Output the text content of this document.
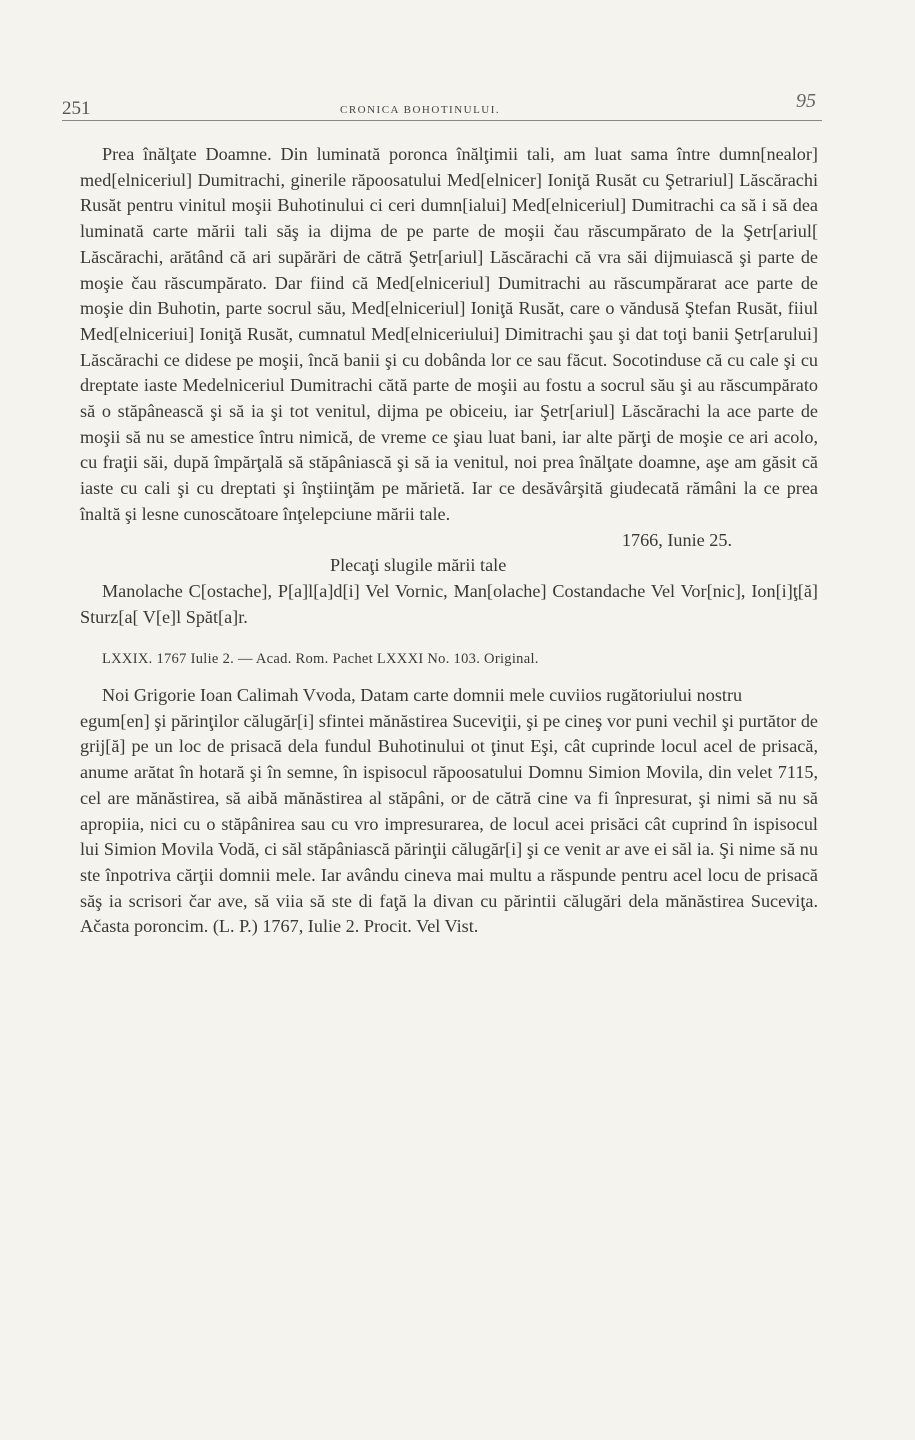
251	CRONICA BOHOTINULUI.	95

Prea înălţate Doamne. Din luminată poronca înălţimii tali, am luat sama între dumn[nealor] med[elniceriul] Dumitrachi, ginerile răpoosatului Med[elnicer] Ioniţă Rusăt cu Şetrariul] Lăscărachi Rusăt pentru vinitul moşii Buhotinului ci ceri dumn[ialui] Med[elniceriul] Dumitrachi ca să i să dea luminată carte mării tali săş ia dijma de pe parte de moşii čau răscumpărato de la Şetr[ariul[ Lăscărachi, arătând că ari supărări de cătră Şetr[ariul] Lăscărachi că vra săi dijmuiască şi parte de moşie čau răscumpărato. Dar fiind că Med[elniceriul] Dumitrachi au răscumpărarat ace parte de moşie din Buhotin, parte socrul său, Med[elniceriul] Ioniţă Rusăt, care o văndusă Ştefan Rusăt, fiiul Med[elniceriui] Ioniţă Rusăt, cumnatul Med[elniceriului] Dimitrachi şau şi dat toţi banii Şetr[arului] Lăscărachi ce didese pe moşii, încă banii şi cu dobânda lor ce sau făcut. Socotinduse că cu cale şi cu dreptate iaste Medelniceriul Dumitrachi cătă parte de moşii au fostu a socrul său şi au răscumpărato să o stăpânească şi să ia şi tot venitul, dijma pe obiceiu, iar Şetr[ariul] Lăscărachi la ace parte de moşii să nu se amestice întru nimică, de vreme ce şiau luat bani, iar alte părţi de moşie ce ari acolo, cu fraţii săi, după împărţală să stăpâniască şi să ia venitul, noi prea înălţate doamne, aşe am găsit că iaste cu cali şi cu dreptati şi înştiinţăm pe mărietă. Iar ce desăvârşită giudecată rămâni la ce prea înaltă şi lesne cunoscătoare înţelepciune mării tale.

1766, Iunie 25.

Plecaţi slugile mării tale

Manolache C[ostache], P[a]l[a]d[i] Vel Vornic, Man[olache] Costandache Vel Vor[nic], Ion[i]ţ[ă] Sturz[a[ V[e]l Spăt[a]r.

LXXIX. 1767 Iulie 2. — Acad. Rom. Pachet LXXXI No. 103. Original.

Noi Grigorie Ioan Calimah Vvoda, Datam carte domnii mele cuviios rugătoriului nostru

egum[en] şi părinţilor călugăr[i] sfintei mănăstirea Suceviţii, şi pe cineş vor puni vechil şi purtător de grij[ă] pe un loc de prisacă dela fundul Buhotinului ot ţinut Eşi, cât cuprinde locul acel de prisacă, anume arătat în hotară şi în semne, în ispisocul răpoosatului Domnu Simion Movila, din velet 7115, cel are mănăstirea, să aibă mănăstirea al stăpâni, or de cătră cine va fi înpresurat, şi nimi să nu să apropiia, nici cu o stăpânirea sau cu vro impresurarea, de locul acei prisăci cât cuprind în ispisocul lui Simion Movila Vodă, ci săl stăpâniască părinţii călugăr[i] şi ce venit ar ave ei săl ia. Şi nime să nu ste înpotriva cărţii domnii mele. Iar avându cineva mai multu a răspunde pentru acel locu de prisacă săş ia scrisori čar ave, să viia să ste di faţă la divan cu părintii călugări dela mănăstirea Suceviţa. Ačasta poroncim. (L. P.) 1767, Iulie 2. Procit. Vel Vist.
